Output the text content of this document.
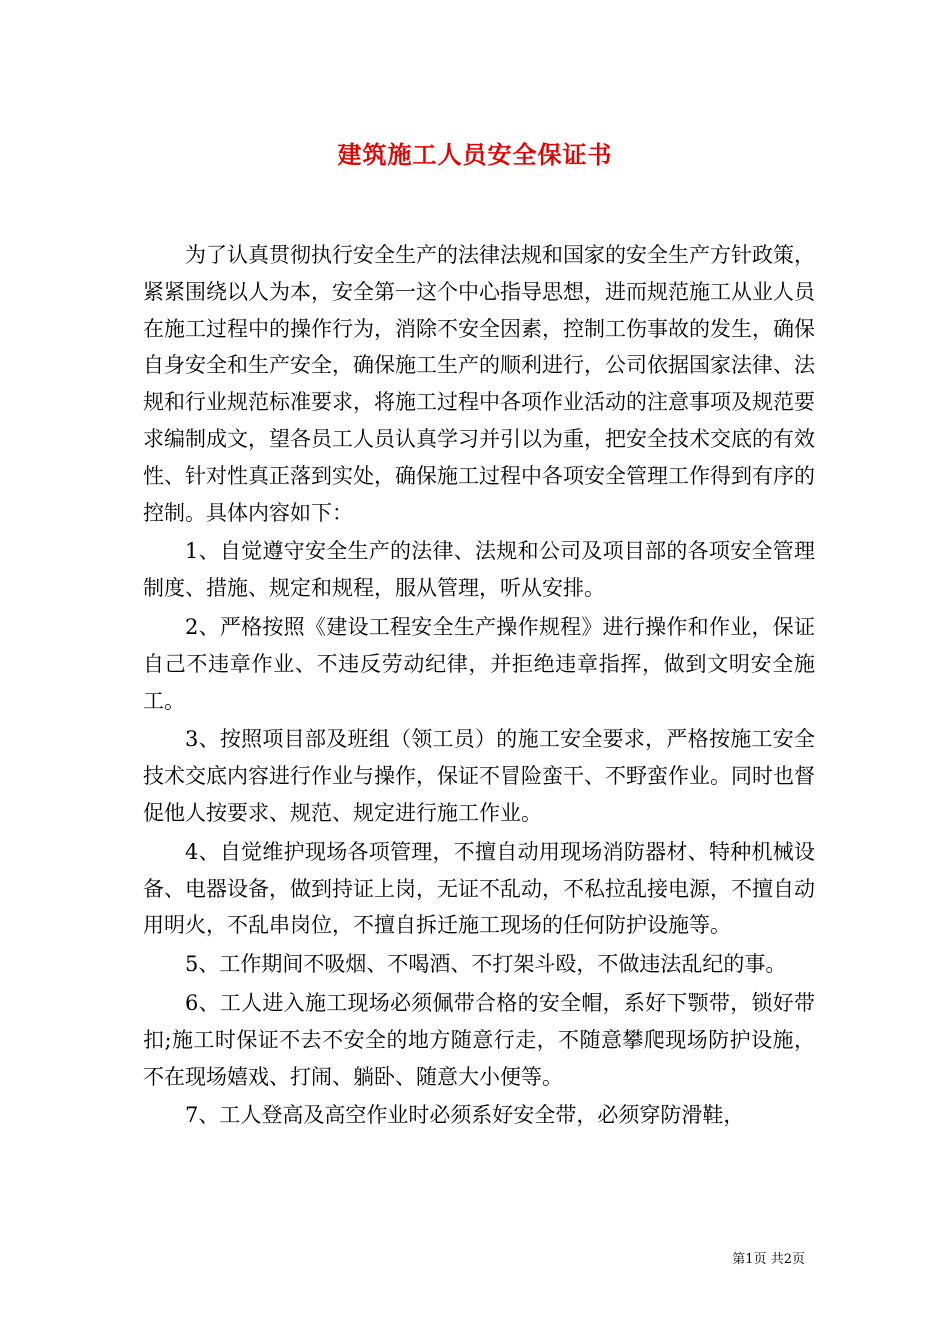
建筑施工人员安全保证书

为了认真贯彻执行安全生产的法律法规和国家的安全生产方针政策，紧紧围绕以人为本，安全第一这个中心指导思想，进而规范施工从业人员在施工过程中的操作行为，消除不安全因素，控制工伤事故的发生，确保自身安全和生产安全，确保施工生产的顺利进行，公司依据国家法律、法规和行业规范标准要求，将施工过程中各项作业活动的注意事项及规范要求编制成文，望各员工人员认真学习并引以为重，把安全技术交底的有效性、针对性真正落到实处，确保施工过程中各项安全管理工作得到有序的控制。具体内容如下：

1、自觉遵守安全生产的法律、法规和公司及项目部的各项安全管理制度、措施、规定和规程，服从管理，听从安排。

2、严格按照《建设工程安全生产操作规程》进行操作和作业，保证自己不违章作业、不违反劳动纪律，并拒绝违章指挥，做到文明安全施工。

3、按照项目部及班组（领工员）的施工安全要求，严格按施工安全技术交底内容进行作业与操作，保证不冒险蛮干、不野蛮作业。同时也督促他人按要求、规范、规定进行施工作业。

4、自觉维护现场各项管理，不擅自动用现场消防器材、特种机械设备、电器设备，做到持证上岗，无证不乱动，不私拉乱接电源，不擅自动用明火，不乱串岗位，不擅自拆迁施工现场的任何防护设施等。

5、工作期间不吸烟、不喝酒、不打架斗殴，不做违法乱纪的事。

6、工人进入施工现场必须佩带合格的安全帽，系好下颚带，锁好带扣;施工时保证不去不安全的地方随意行走，不随意攀爬现场防护设施，不在现场嬉戏、打闹、躺卧、随意大小便等。

7、工人登高及高空作业时必须系好安全带，必须穿防滑鞋，

第1页 共2页
